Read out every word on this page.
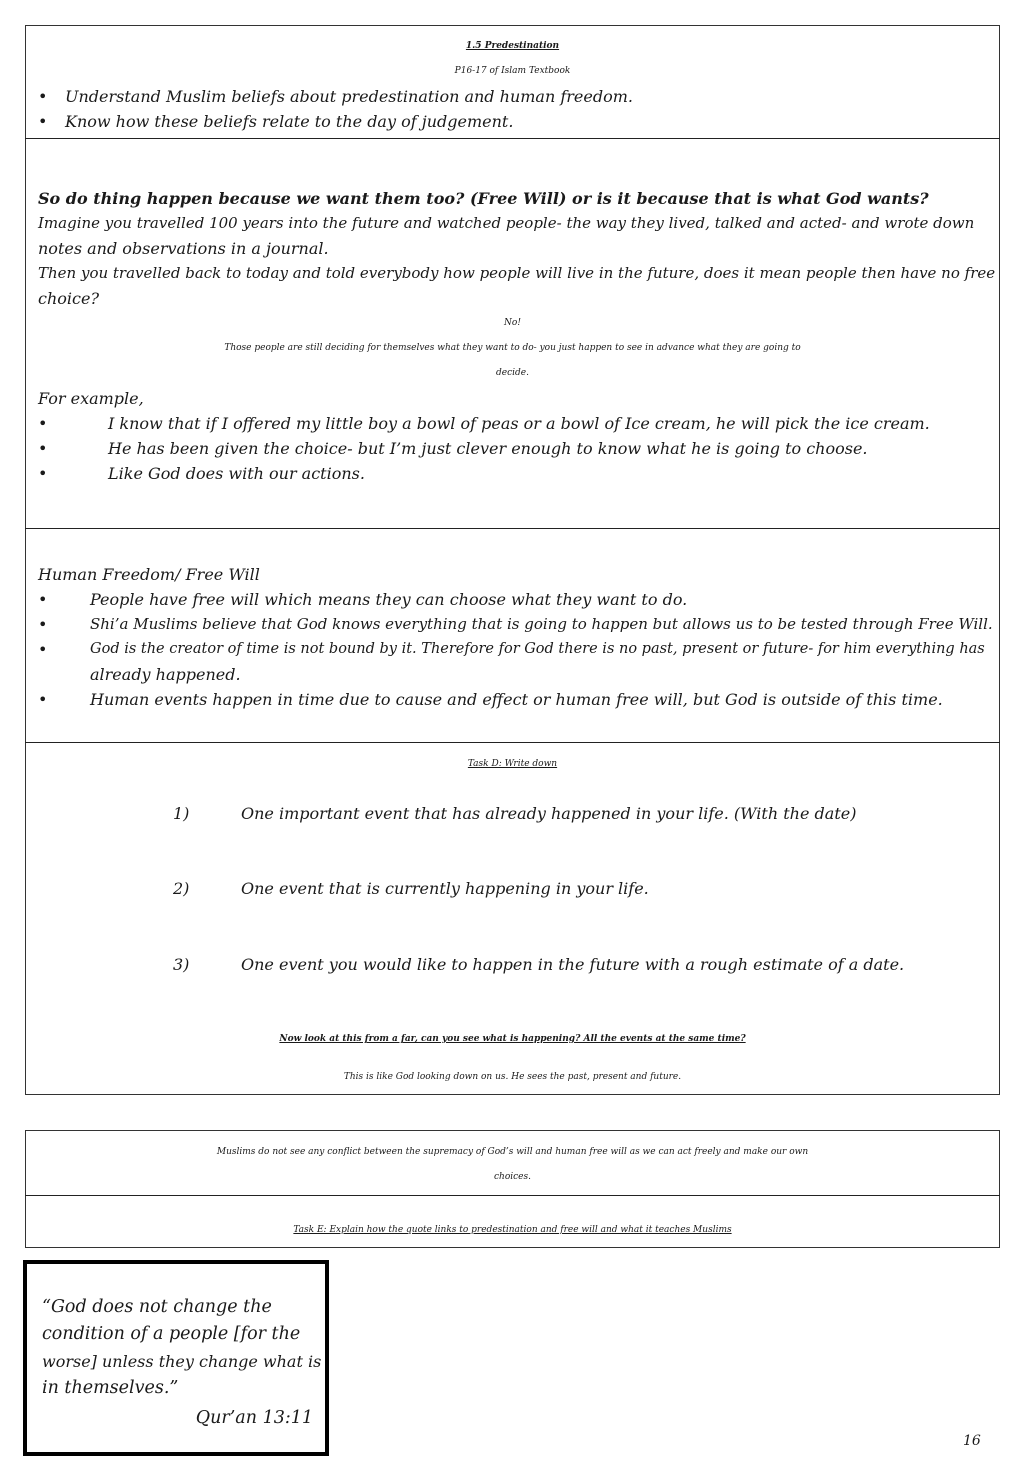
1.5 Predestination
P16-17 of Islam Textbook
• Understand Muslim beliefs about predestination and human freedom.
• Know how these beliefs relate to the day of judgement.
So do thing happen because we want them too? (Free Will) or is it because that is what God wants?
Imagine you travelled 100 years into the future and watched people- the way they lived, talked and acted- and wrote down
notes and observations in a journal.
Then you travelled back to today and told everybody how people will live in the future, does it mean people then have no free
choice?
No!
Those people are still deciding for themselves what they want to do- you just happen to see in advance what they are going to
decide.
For example,
•	I know that if I offered my little boy a bowl of peas or a bowl of Ice cream, he will pick the ice cream.
•	He has been given the choice- but I’m just clever enough to know what he is going to choose.
•	Like God does with our actions.
Human Freedom/ Free Will
•	People have free will which means they can choose what they want to do.
•	Shi’a Muslims believe that God knows everything that is going to happen but allows us to be tested through Free Will.
•	God is the creator of time is not bound by it. Therefore for God there is no past, present or future- for him everything has
already happened.
•	Human events happen in time due to cause and effect or human free will, but God is outside of this time.
Task D: Write down
1)	One important event that has already happened in your life. (With the date)
2)	One event that is currently happening in your life.
3)	One event you would like to happen in the future with a rough estimate of a date.
Now look at this from a far, can you see what is happening? All the events at the same time?
This is like God looking down on us. He sees the past, present and future.
Muslims do not see any conflict between the supremacy of God’s will and human free will as we can act freely and make our own
choices.
Task E: Explain how the quote links to predestination and free will and what it teaches Muslims
“God does not change the
condition of a people [for the
worse] unless they change what is
in themselves.”
Qur’an 13:11
16
